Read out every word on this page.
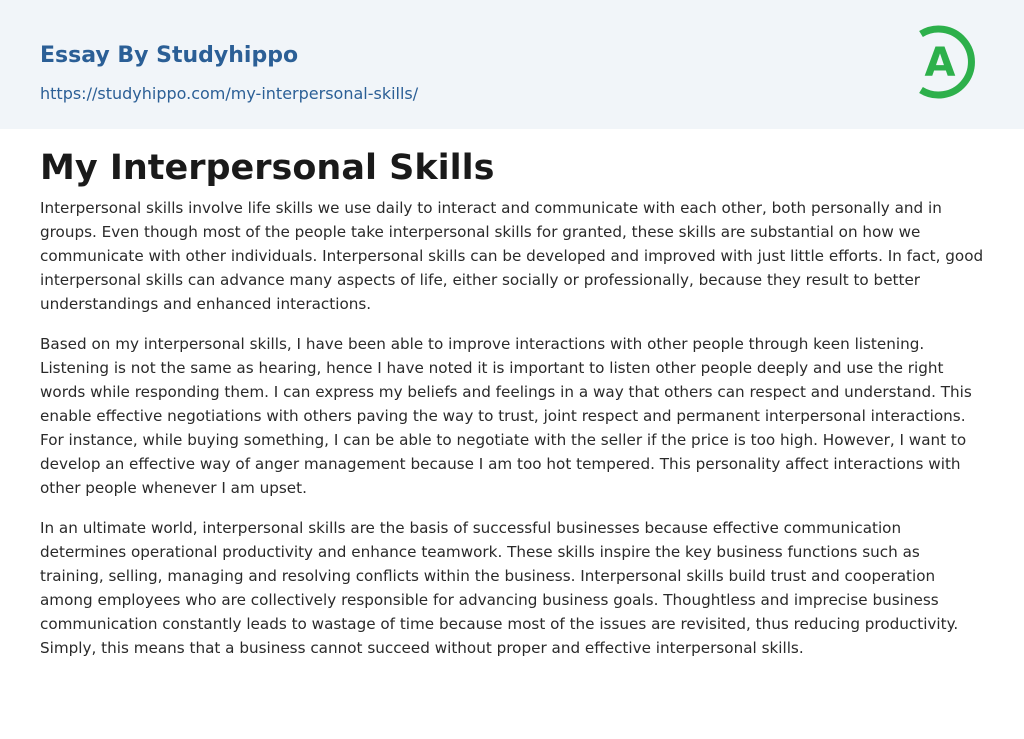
Essay By Studyhippo
https://studyhippo.com/my-interpersonal-skills/
A
My Interpersonal Skills

Interpersonal skills involve life skills we use daily to interact and communicate with each other, both personally and in groups. Even though most of the people take interpersonal skills for granted, these skills are substantial on how we communicate with other individuals. Interpersonal skills can be developed and improved with just little efforts. In fact, good interpersonal skills can advance many aspects of life, either socially or professionally, because they result to better understandings and enhanced interactions.

Based on my interpersonal skills, I have been able to improve interactions with other people through keen listening. Listening is not the same as hearing, hence I have noted it is important to listen other people deeply and use the right words while responding them. I can express my beliefs and feelings in a way that others can respect and understand. This enable effective negotiations with others paving the way to trust, joint respect and permanent interpersonal interactions. For instance, while buying something, I can be able to negotiate with the seller if the price is too high. However, I want to develop an effective way of anger management because I am too hot tempered. This personality affect interactions with other people whenever I am upset.

In an ultimate world, interpersonal skills are the basis of successful businesses because effective communication determines operational productivity and enhance teamwork. These skills inspire the key business functions such as training, selling, managing and resolving conflicts within the business. Interpersonal skills build trust and cooperation among employees who are collectively responsible for advancing business goals. Thoughtless and imprecise business communication constantly leads to wastage of time because most of the issues are revisited, thus reducing productivity. Simply, this means that a business cannot succeed without proper and effective interpersonal skills.
